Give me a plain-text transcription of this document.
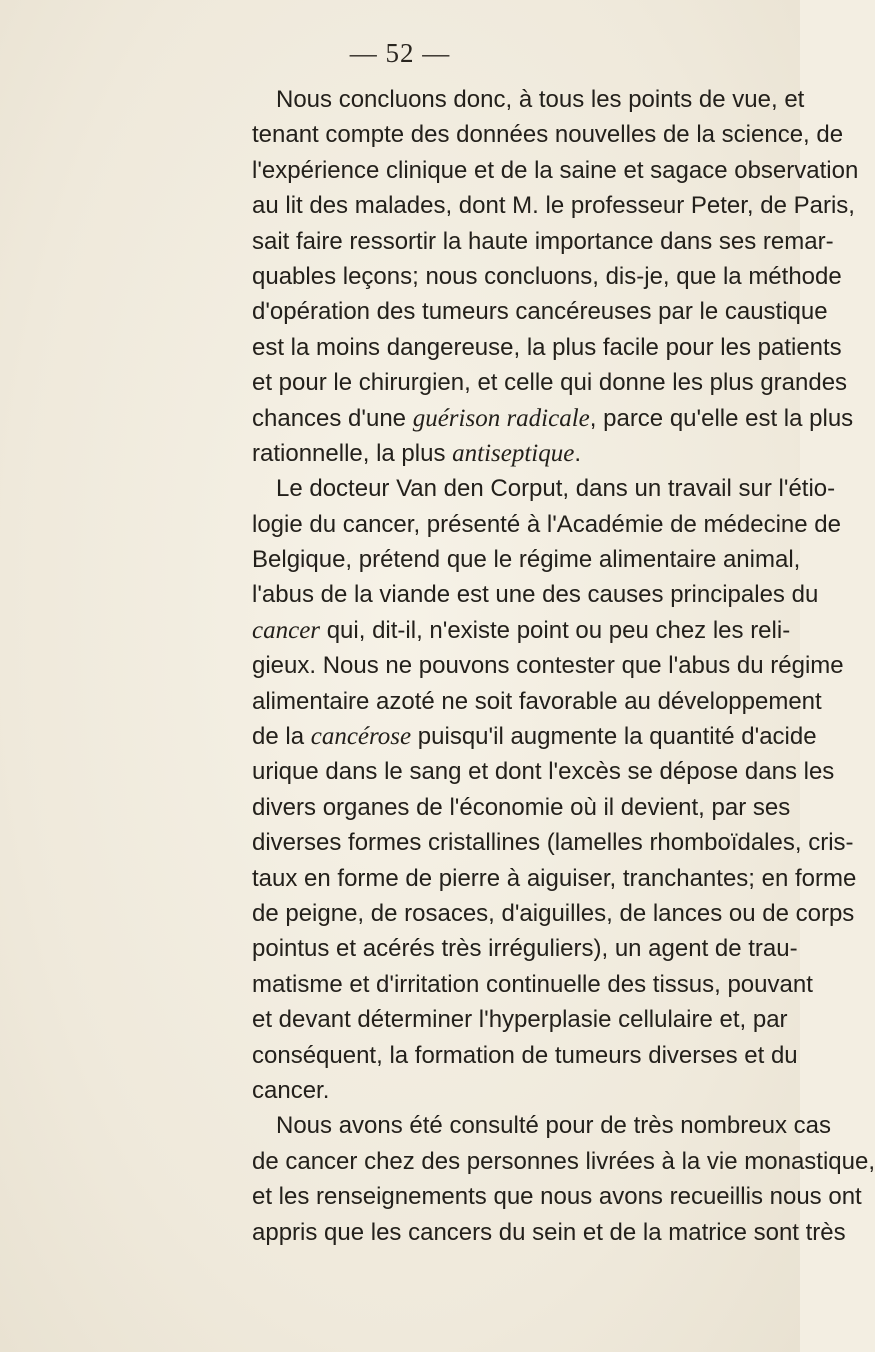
— 52 —
Nous concluons donc, à tous les points de vue, et
tenant compte des données nouvelles de la science, de
l'expérience clinique et de la saine et sagace observation
au lit des malades, dont M. le professeur Peter, de Paris,
sait faire ressortir la haute importance dans ses remar-
quables leçons; nous concluons, dis-je, que la méthode
d'opération des tumeurs cancéreuses par le caustique
est la moins dangereuse, la plus facile pour les patients
et pour le chirurgien, et celle qui donne les plus grandes
chances d'une guérison radicale, parce qu'elle est la plus
rationnelle, la plus antiseptique.
Le docteur Van den Corput, dans un travail sur l'étio-
logie du cancer, présenté à l'Académie de médecine de
Belgique, prétend que le régime alimentaire animal,
l'abus de la viande est une des causes principales du
cancer qui, dit-il, n'existe point ou peu chez les reli-
gieux. Nous ne pouvons contester que l'abus du régime
alimentaire azoté ne soit favorable au développement
de la cancérose puisqu'il augmente la quantité d'acide
urique dans le sang et dont l'excès se dépose dans les
divers organes de l'économie où il devient, par ses
diverses formes cristallines (lamelles rhomboïdales, cris-
taux en forme de pierre à aiguiser, tranchantes; en forme
de peigne, de rosaces, d'aiguilles, de lances ou de corps
pointus et acérés très irréguliers), un agent de trau-
matisme et d'irritation continuelle des tissus, pouvant
et devant déterminer l'hyperplasie cellulaire et, par
conséquent, la formation de tumeurs diverses et du
cancer.
Nous avons été consulté pour de très nombreux cas
de cancer chez des personnes livrées à la vie monastique,
et les renseignements que nous avons recueillis nous ont
appris que les cancers du sein et de la matrice sont très
